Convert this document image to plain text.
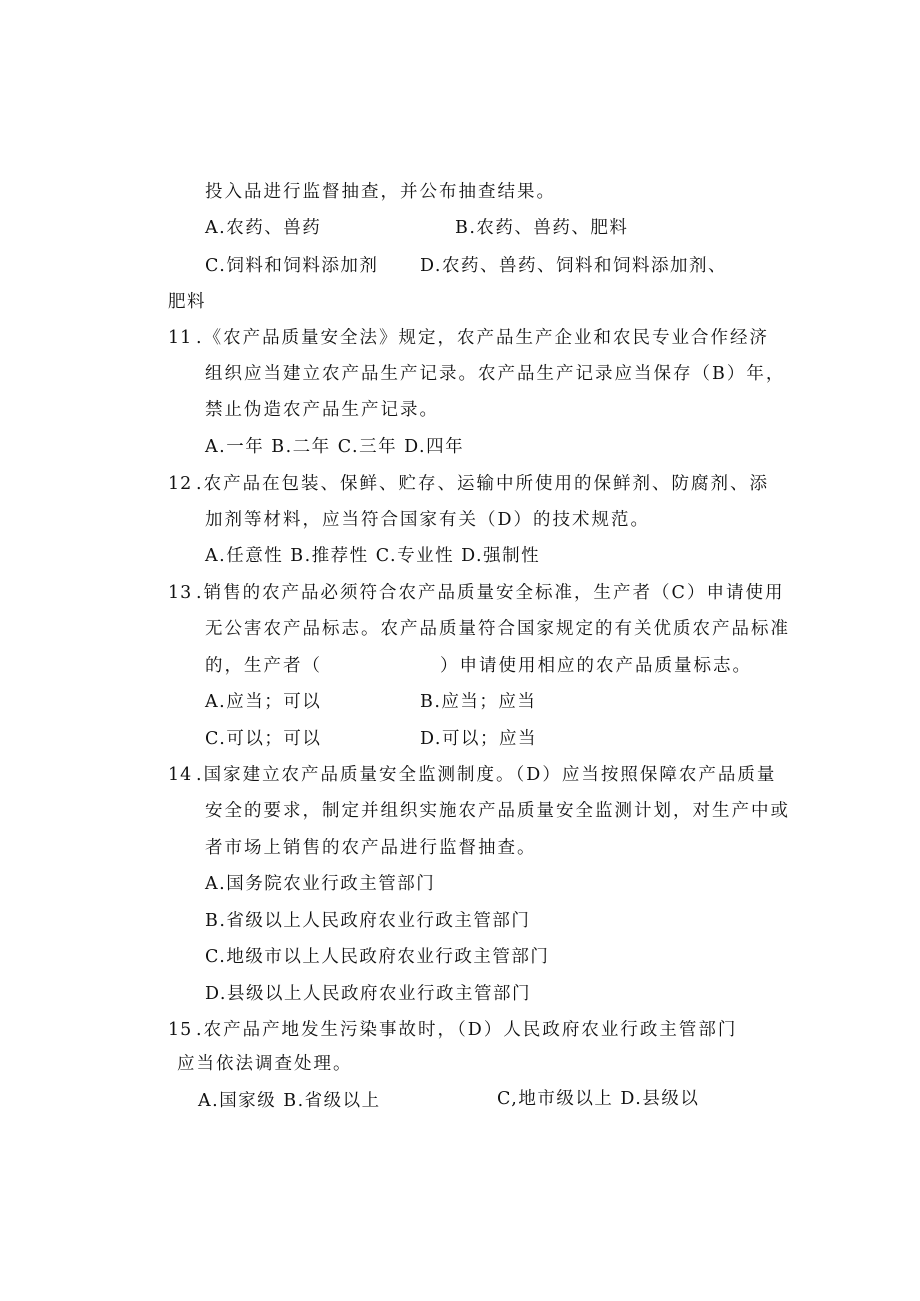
投入品进行监督抽查，并公布抽查结果。
A.农药、兽药	B.农药、兽药、肥料
C.饲料和饲料添加剂 D.农药、兽药、饲料和饲料添加剂、
肥料
11 .《农产品质量安全法》规定，农产品生产企业和农民专业合作经济
组织应当建立农产品生产记录。农产品生产记录应当保存（B）年，
禁止伪造农产品生产记录。
A.一年 B.二年 C.三年 D.四年
12 .农产品在包装、保鲜、贮存、运输中所使用的保鲜剂、防腐剂、添
加剂等材料，应当符合国家有关（D）的技术规范。
A.任意性 B.推荐性 C.专业性 D.强制性
13 .销售的农产品必须符合农产品质量安全标准，生产者（C）申请使用
无公害农产品标志。农产品质量符合国家规定的有关优质农产品标准
的，生产者（	）申请使用相应的农产品质量标志。
A.应当；可以	B.应当；应当
C.可以；可以	D.可以；应当
14 .国家建立农产品质量安全监测制度。（D）应当按照保障农产品质量
安全的要求，制定并组织实施农产品质量安全监测计划，对生产中或
者市场上销售的农产品进行监督抽查。
A.国务院农业行政主管部门
B.省级以上人民政府农业行政主管部门
C.地级市以上人民政府农业行政主管部门
D.县级以上人民政府农业行政主管部门
15 .农产品产地发生污染事故时，（D）人民政府农业行政主管部门
应当依法调查处理。
A.国家级 B.省级以上	C,地市级以上 D.县级以
